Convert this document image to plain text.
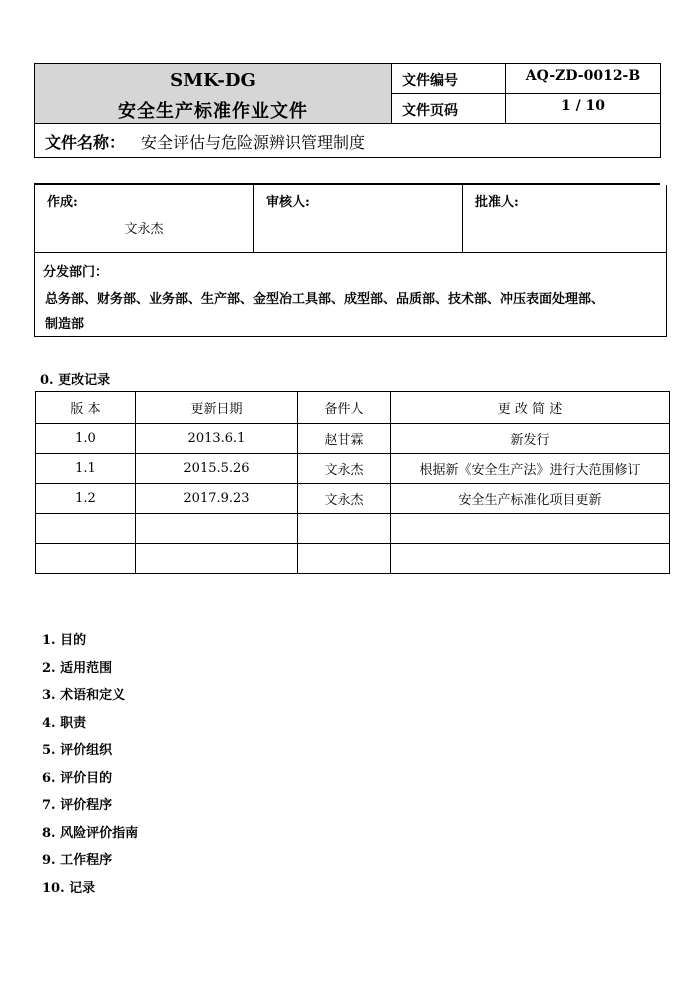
SMK-DG
安全生产标准作业文件
文件编号	AQ-ZD-0012-B
文件页码	1 / 10
文件名称： 安全评估与危险源辨识管理制度
作成:
文永杰
审核人:	批准人:
分发部门：
总务部、财务部、业务部、生产部、金型冶工具部、成型部、品质部、技术部、冲压表面处理部、
制造部
0. 更改记录
版 本	更新日期	备件人	更 改 简 述
1.0	2013.6.1	赵甘霖	新发行
1.1	2015.5.26	文永杰	根据新《安全生产法》进行大范围修订
1.2	2017.9.23	文永杰	安全生产标准化项目更新

1. 目的
2. 适用范围
3. 术语和定义
4. 职责
5. 评价组织
6. 评价目的
7. 评价程序
8. 风险评价指南
9. 工作程序
10. 记录
